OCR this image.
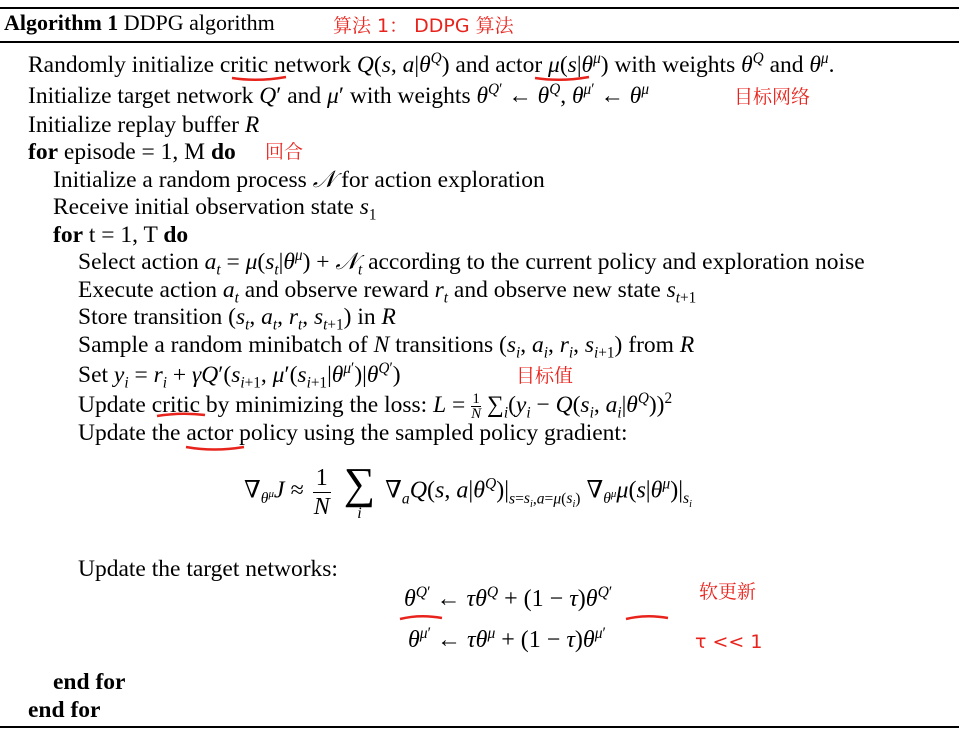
Algorithm 1 DDPG algorithm	算法 1： DDPG 算法
Randomly initialize critic network Q(s, $a|\theta^Q$) and actor $\mu(s|\theta^\mu)$ with weights $\theta^Q$ and $\theta^\mu$.
Initialize target network Q′ and μ′ with weights $\theta^{Q'}$ ← $\theta^Q$, $\theta^{\mu'}$ ← $\theta^\mu$	目标网络
Initialize replay buffer R
for episode = 1, M do 回合
Initialize a random process 𝒩 for action exploration
Receive initial observation state $s_1$
for t = 1, T do
Select action $a_t = \mu(s_t|\theta^\mu)$ + 𝒩$_t$ according to the current policy and exploration noise
Execute action $a_t$ and observe reward $r_t$ and observe new state $s_{t+1}$
Store transition ($s_t$, $a_t$, $r_t$, $s_{t+1}$) in R
Sample a random minibatch of N transitions ($s_i$, $a_i$, $r_i$, $s_{i+1}$) from R
Set $y_i = r_i + \gamma Q'(s_{i+1}$, $\mu'(s_{i+1}|\theta^{\mu'})|\theta^{Q'}$)	目标值
Update critic by minimizing the loss: $L = \frac{1}{N} \sum_i(y_i - Q(s_i$, $a_i|\theta^Q))^2$
Update the actor policy using the sampled policy gradient:
$\nabla_{\theta^\mu}J \approx \frac{1}{N}$
∑
i
$\nabla_aQ(s$, $a|\theta^Q)|_{s=s_i,a=\mu(s_i)}$ $\nabla_{\theta^\mu}\mu(s|\theta^\mu)|_{s_i}$
Update the target networks:
$\theta^{Q'}$ ← $\tau\theta^Q + (1 - \tau)\theta^{Q'}$	软更新
$\theta^{\mu'}$ ← $\tau\theta^\mu + (1 - \tau)\theta^{\mu'}$	τ << 1
end for
end for
